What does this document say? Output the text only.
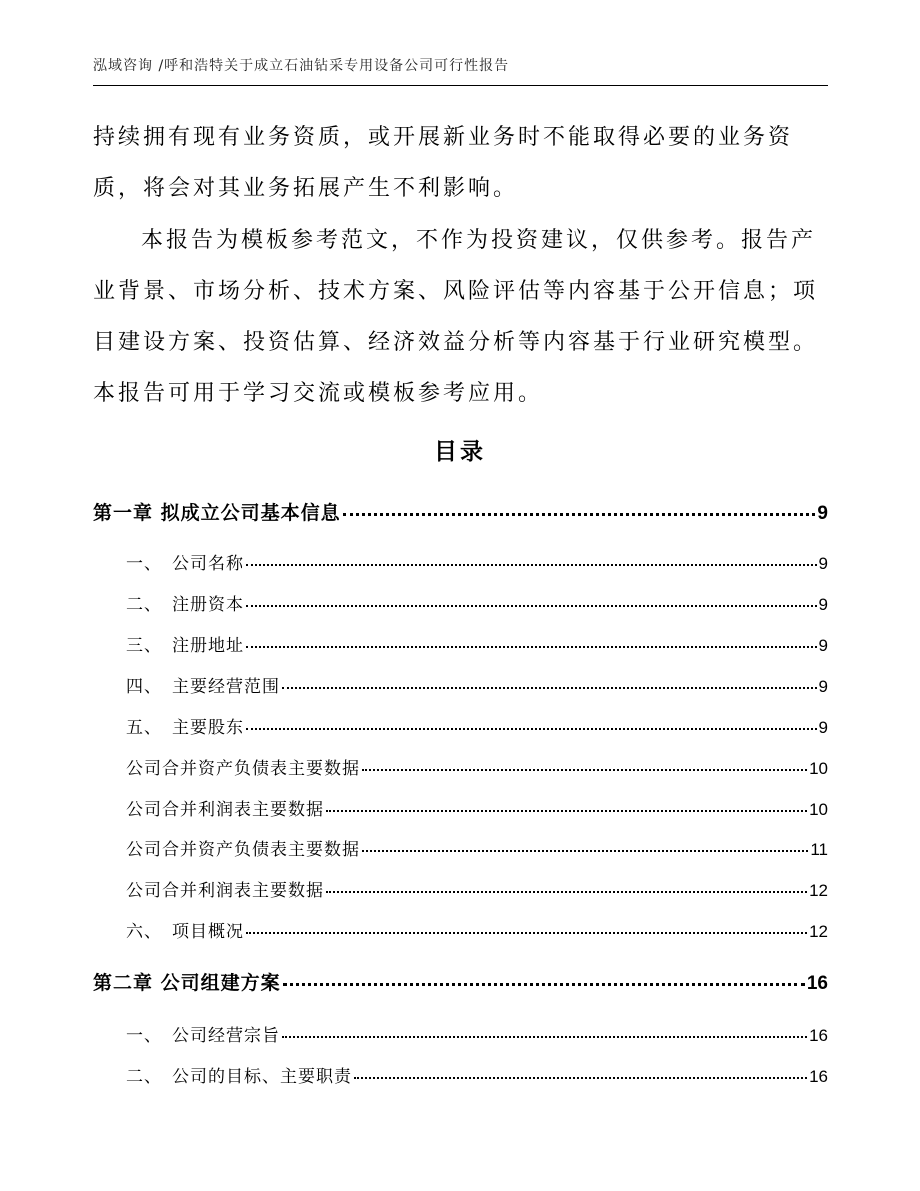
泓域咨询 /呼和浩特关于成立石油钻采专用设备公司可行性报告

持续拥有现有业务资质，或开展新业务时不能取得必要的业务资质，将会对其业务拓展产生不利影响。

本报告为模板参考范文，不作为投资建议，仅供参考。报告产业背景、市场分析、技术方案、风险评估等内容基于公开信息；项目建设方案、投资估算、经济效益分析等内容基于行业研究模型。本报告可用于学习交流或模板参考应用。

目录
第一章 拟成立公司基本信息	9
一、 公司名称	9
二、 注册资本	9
三、 注册地址	9
四、 主要经营范围	9
五、 主要股东	9
公司合并资产负债表主要数据	10
公司合并利润表主要数据	10
公司合并资产负债表主要数据	11
公司合并利润表主要数据	12
六、 项目概况	12
第二章 公司组建方案	16
一、 公司经营宗旨	16
二、 公司的目标、主要职责	16
